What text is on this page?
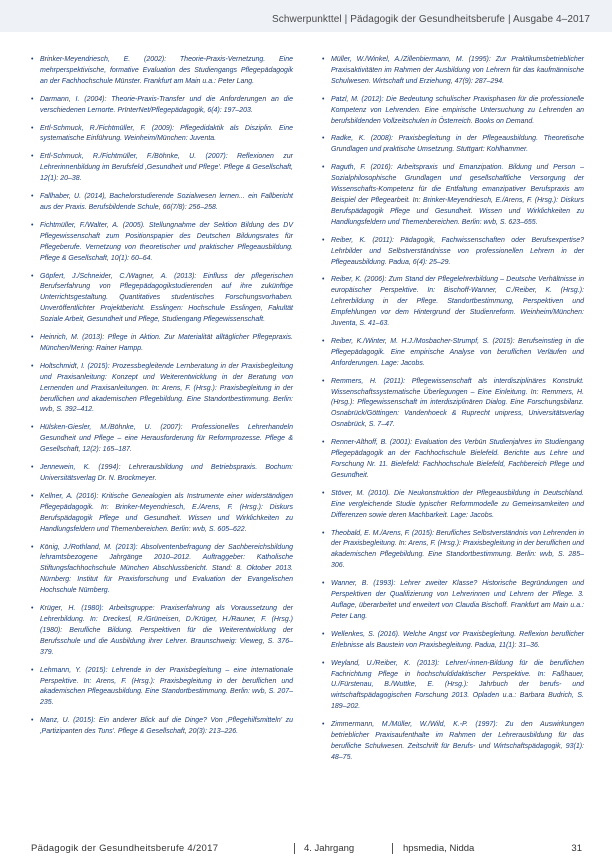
Schwerpunkttel | Pädagogik der Gesundheitsberufe | Ausgabe 4–2017

• Brinker-Meyendriesch, E. (2002): Theorie-Praxis-Vernetzung. Eine mehrperspektivische, formative Evaluation des Studiengangs Pflegepädagogik an der Fachhochschule Münster. Frankfurt am Main u.a.: Peter Lang.

• Darmann, I. (2004): Theorie-Praxis-Transfer und die Anforderungen an die verschiedenen Lernorte. PrInterNet/Pflegepädagogik, 6(4): 197–203.

• Ertl-Schmuck, R./Fichtmüller, F. (2009): Pflegedidaktik als Disziplin. Eine systematische Einführung. Weinheim/München: Juventa.

• Ertl-Schmuck, R./Fichtmüller, F./Böhnke, U. (2007): Reflexionen zur Lehrerinnenbildung im Berufsfeld ‚Gesundheit und Pflege'. Pflege & Gesellschaft, 12(1): 20–38.

• Fallhaber, U. (2014)‚ Bachelorstudierende Sozialwesen lernen... ein Fallbericht aus der Praxis. Berufsbildende Schule, 66(7/8): 256–258.

• Fichtmüller, F./Walter, A. (2005). Stellungnahme der Sektion Bildung des DV Pflegewissenschaft zum Positionspapier des Deutschen Bildungsrates für Pflegeberufe. Vernetzung von theoretischer und praktischer Pflegeausbildung. Pflege & Gesellschaft, 10(1): 60–64.

• Göpfert, J./Schneider, C./Wagner, A. (2013): Einfluss der pflegerischen Berufserfahrung von Pflegepädagogikstudierenden auf ihre zukünftige Unterrichtsgestaltung. Quantitatives studentisches Forschungsvorhaben. Unveröffentlichter Projektbericht. Esslingen: Hochschule Esslingen, Fakultät Soziale Arbeit, Gesundheit und Pflege, Studiengang Pflegewissenschaft.

• Heinrich, M. (2013): Pflege in Aktion. Zur Materialität alltäglicher Pflegepraxis. München/Mering: Rainer Hampp.

• Holtschmidt, I. (2015): Prozessbegleitende Lernberatung in der Praxisbegleitung und Praxisanleitung: Konzept und Weiterentwicklung in der Beratung von Lernenden und Praxisanleitungen. In: Arens, F. (Hrsg.): Praxisbegleitung in der beruflichen und akademischen Pflegebildung. Eine Standortbestimmung. Berlin: wvb, S. 392–412.

• Hülsken-Giesler, M./Böhnke, U. (2007): Professionelles Lehrerhandeln Gesundheit und Pflege – eine Herausforderung für Reformprozesse. Pflege & Gesellschaft, 12(2): 165–187.

• Jennewein, K. (1994): Lehrerausbildung und Betriebspraxis. Bochum: Universitätsverlag Dr. N. Brockmeyer.

• Kellner, A. (2016): Kritische Genealogien als Instrumente einer widerständigen Pflegepädagogik. In: Brinker-Meyendriesch, E./Arens, F. (Hrsg.): Diskurs Berufspädagogik Pflege und Gesundheit. Wissen und Wirklichkeiten zu Handlungsfeldern und Themenbereichen. Berlin: wvb, S. 605–622.

• König, J./Rothland, M. (2013): Absolventenbefragung der Sachbereichsbildung lehramtsbezogene Jahrgänge 2010–2012. Auftraggeber: Katholische Stiftungsfachhochschule München Abschlussbericht. Stand: 8. Oktober 2013. Nürnberg: Institut für Praxisforschung und Evaluation der Evangelischen Hochschule Nürnberg.

• Krüger, H. (1980): Arbeitsgruppe: Praxiserfahrung als Voraussetzung der Lehrerbildung. In: Dreckesl, R./Grüneisen, D./Krüger, H./Rauner, F. (Hrsg.) (1980): Berufliche Bildung. Perspektiven für die Weiterentwicklung der Berufsschule und die Ausbildung ihrer Lehrer. Braunschweig: Vieweg, S. 376–379.

• Lehmann, Y. (2015): Lehrende in der Praxisbegleitung – eine internationale Perspektive. In: Arens, F. (Hrsg.): Praxisbegleitung in der beruflichen und akademischen Pflegeausbildung. Eine Standortbestimmung. Berlin: wvb, S. 207–235.

• Manz, U. (2015): Ein anderer Blick auf die Dinge? Von ‚Pflegehilfsmitteln' zu ‚Partizipanten des Tuns'. Pflege & Gesellschaft, 20(3): 213–226.

• Müller, W./Winkel, A./Zillenbiermann, M. (1995): Zur Praktikumsbetrieblicher Praxisaktivitäten im Rahmen der Ausbildung von Lehrern für das kaufmännische Schulwesen. Wirtschaft und Erziehung, 47(9): 287–294.

• Patzl, M. (2012): Die Bedeutung schulischer Praxisphasen für die professionelle Kompetenz von Lehrenden. Eine empirische Untersuchung zu Lehrenden an berufsbildenden Vollzeitschulen in Österreich. Books on Demand.

• Radke, K. (2008): Praxisbegleitung in der Pflegeausbildung. Theoretische Grundlagen und praktische Umsetzung. Stuttgart: Kohlhammer.

• Raguth, F. (2016): Arbeitspraxis und Emanzipation. Bildung und Person – Sozialphilosophische Grundlagen und gesellschaftliche Versorgung der Wissenschafts-Kompetenz für die Entfaltung emanzipativer Berufspraxis am Beispiel der Pflegearbeit. In: Brinker-Meyendriesch, E./Arens, F. (Hrsg.): Diskurs Berufspädagogik Pflege und Gesundheit. Wissen und Wirklichkeiten zu Handlungsfeldern und Themenbereichen. Berlin: wvb, S. 623–655.

• Reiber, K. (2011): Pädagogik, Fachwissenschaften oder Berufsexpertise? Lehrbilder und Selbstverständnisse von professionellen Lehrern in der Pflegeausbildung. Padua, 6(4): 25–29.

• Reiber, K. (2006): Zum Stand der Pflegelehrerbildung – Deutsche Verhältnisse in europäischer Perspektive. In: Bischoff-Wanner, C./Reiber, K. (Hrsg.): Lehrerbildung in der Pflege. Standortbestimmung, Perspektiven und Empfehlungen vor dem Hintergrund der Studienreform. Weinheim/München: Juventa, S. 41–63.

• Reiber, K./Winter, M. H.J./Mosbacher-Strumpf, S. (2015): Berufseinstieg in die Pflegepädagogik. Eine empirische Analyse von beruflichen Verläufen und Anforderungen. Lage: Jacobs.

• Remmers, H. (2011): Pflegewissenschaft als interdisziplinäres Konstrukt. Wissenschaftssystematische Überlegungen – Eine Einleitung. In: Remmers, H. (Hrsg.): Pflegewissenschaft im interdisziplinären Dialog. Eine Forschungsbilanz. Osnabrück/Göttingen: Vandenhoeck & Ruprecht unipress, Universitätsverlag Osnabrück, S. 7–47.

• Renner-Althoff, B. (2001): Evaluation des Verbün Studienjahres im Studiengang Pflegepädagogik an der Fachhochschule Bielefeld. Berichte aus Lehre und Forschung Nr. 11. Bielefeld: Fachhochschule Bielefeld, Fachbereich Pflege und Gesundheit.

• Stöver, M. (2010). Die Neukonstruktion der Pflegeausbildung in Deutschland. Eine vergleichende Studie typischer Reformmodelle zu Gemeinsamkeiten und Differenzen sowie deren Machbarkeit. Lage: Jacobs.

• Theobald, E. M./Arens, F. (2015): Berufliches Selbstverständnis von Lehrenden in der Praxisbegleitung. In: Arens, F. (Hrsg.): Praxisbegleitung in der beruflichen und akademischen Pflegebildung. Eine Standortbestimmung. Berlin: wvb, S. 285–306.

• Wanner, B. (1993): Lehrer zweiter Klasse? Historische Begründungen und Perspektiven der Qualifizierung von Lehrerinnen und Lehrern der Pflege. 3. Auflage, überarbeitet und erweitert von Claudia Bischoff. Frankfurt am Main u.a.: Peter Lang.

• Wellenkes, S. (2016). Welche Angst vor Praxisbegleitung. Reflexion beruflicher Erlebnisse als Baustein von Praxisbegleitung. Padua, 11(1): 31–36.

• Weyland, U./Reiber, K. (2013): Lehrer/-innen-Bildung für die beruflichen Fachrichtung Pflege in hochschuldidaktischer Perspektive. In: Faßhauer, U./Fürstenau, B./Wuttke, E. (Hrsg.): Jahrbuch der berufs- und wirtschaftspädagogischen Forschung 2013. Opladen u.a.: Barbara Budrich, S. 189–202.

• Zimmermann, M./Müller, W./Wild, K.-P. (1997): Zu den Auswirkungen betrieblicher Praxisaufenthalte im Rahmen der Lehrerausbildung für das berufliche Schulwesen. Zeitschrift für Berufs- und Wirtschaftspädagogik, 93(1): 48–75.

Pädagogik der Gesundheitsberufe 4/2017	4. Jahrgang	hpsmedia, Nidda	31
